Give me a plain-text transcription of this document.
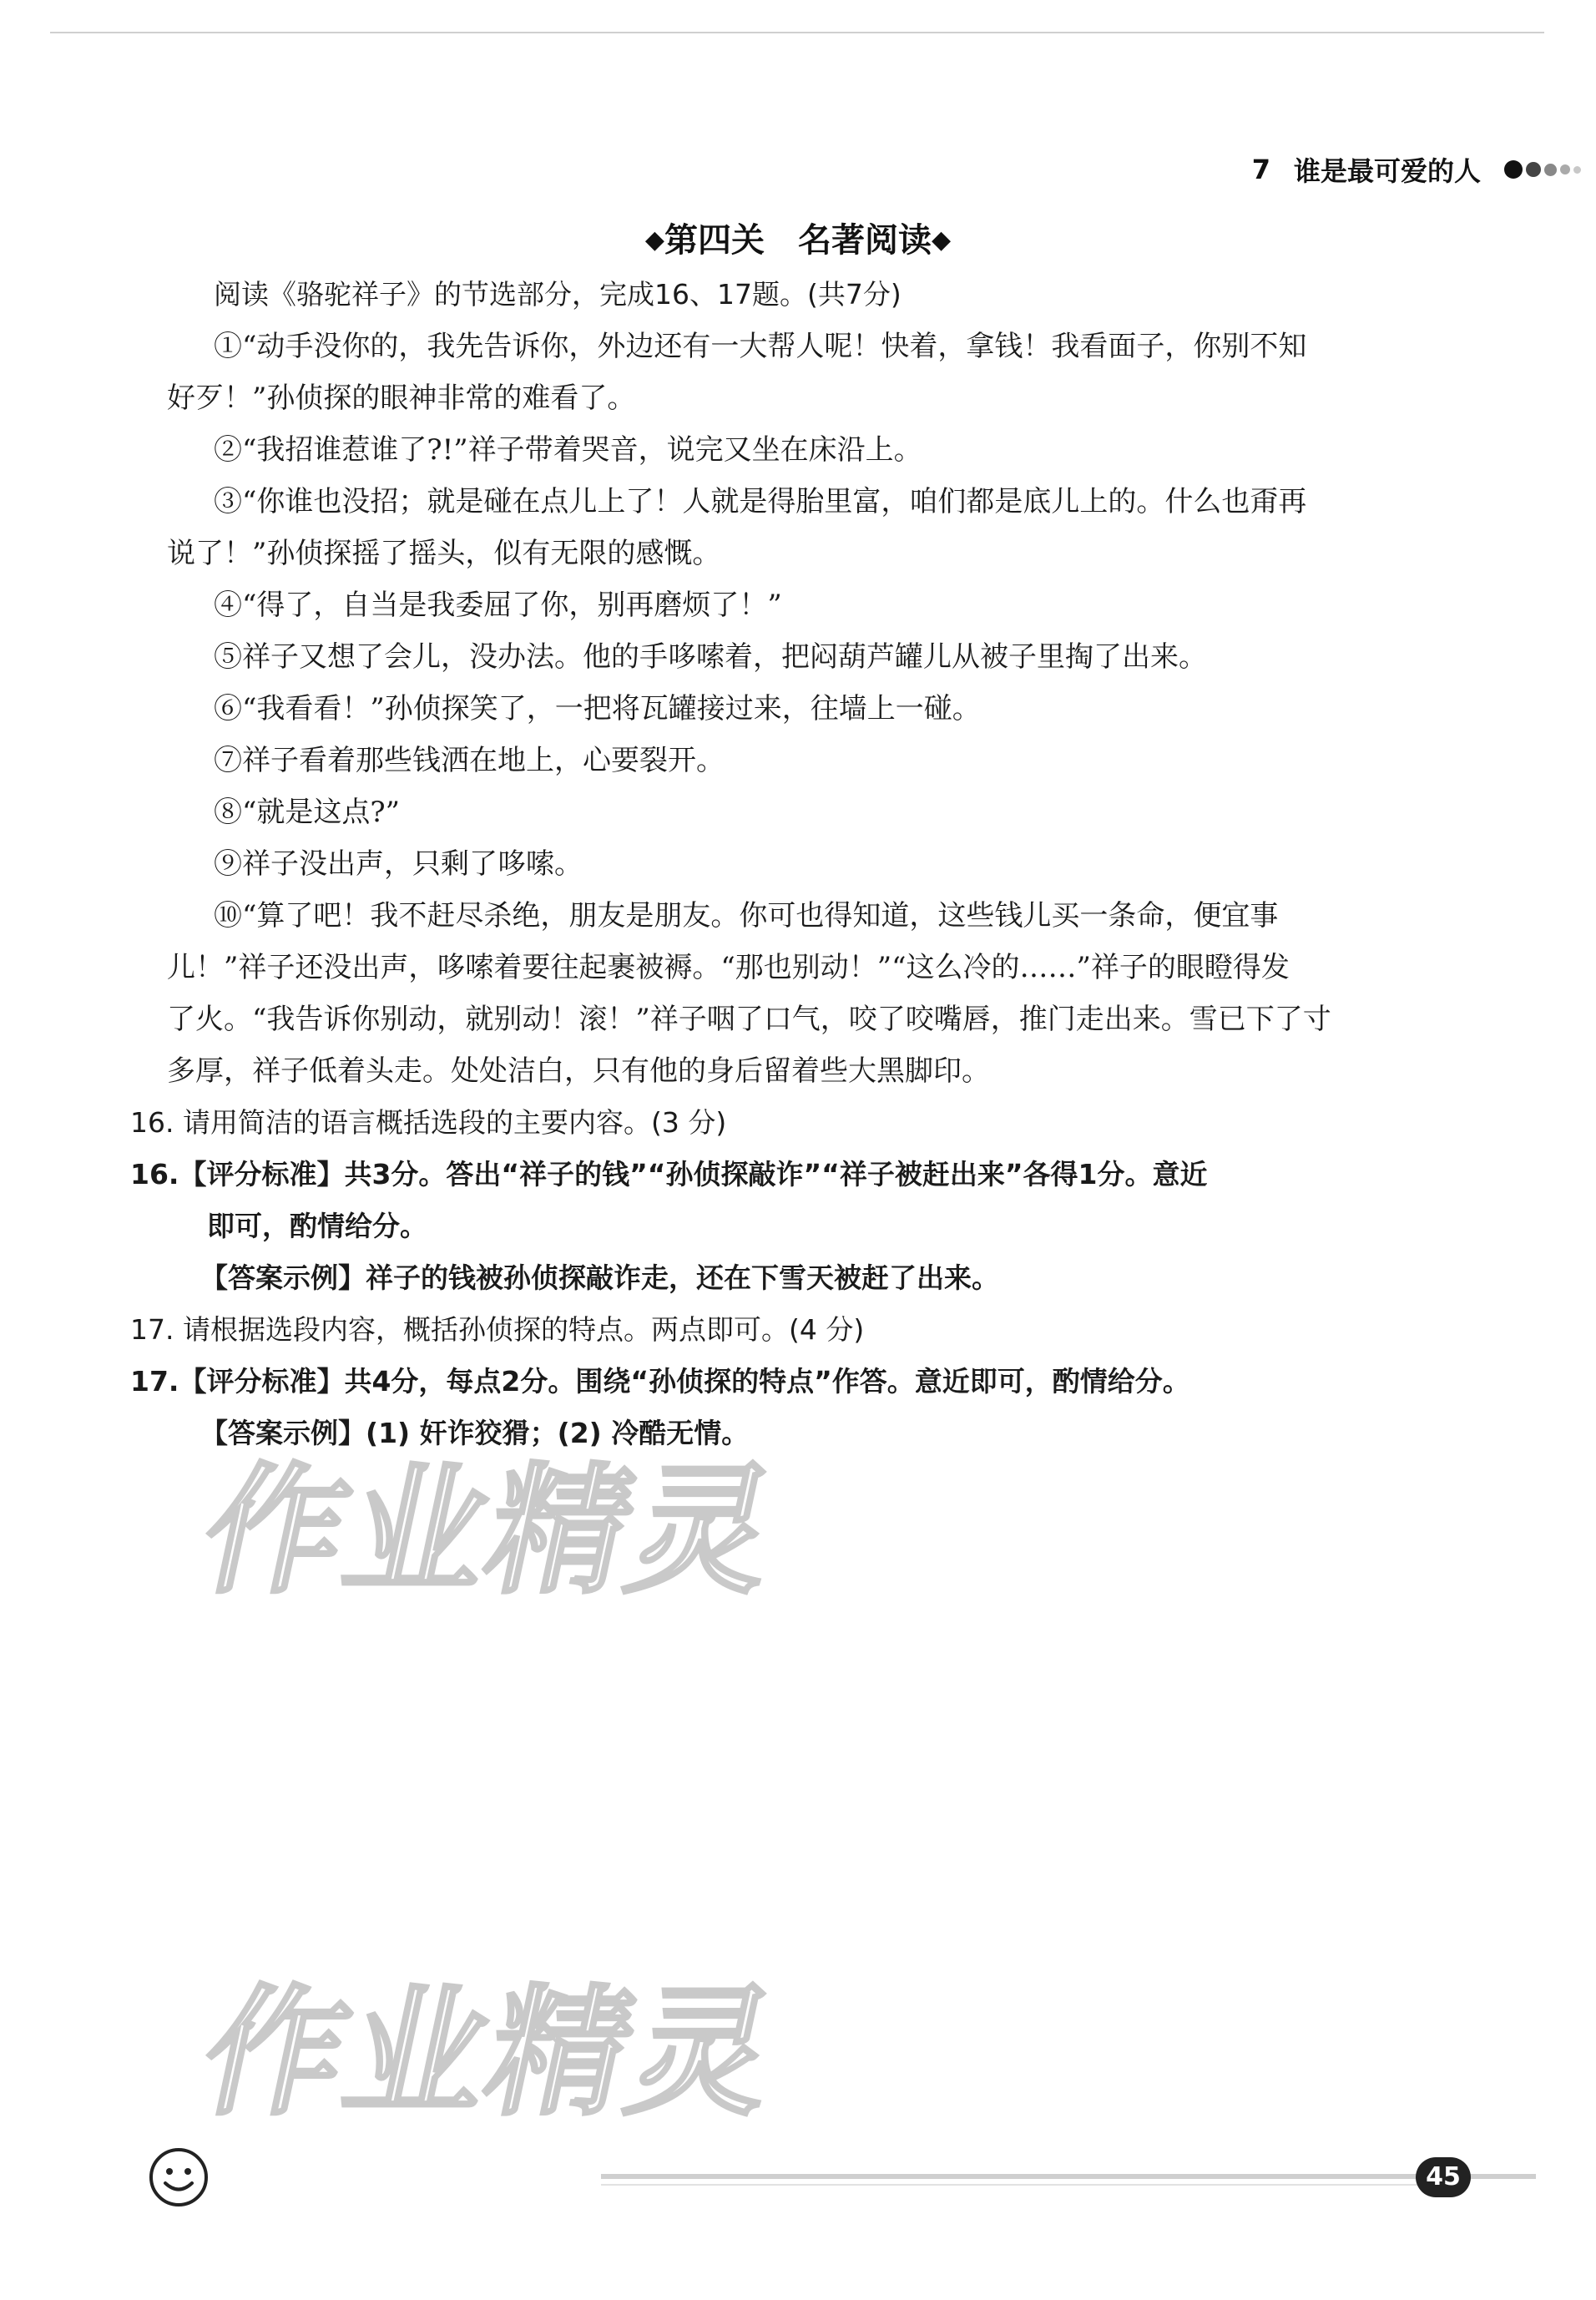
7 谁是最可爱的人
◆第四关 名著阅读◆
阅读《骆驼祥子》的节选部分，完成16、17题。(共7分)
①“动手没你的，我先告诉你，外边还有一大帮人呢！快着，拿钱！我看面子，你别不知
好歹！”孙侦探的眼神非常的难看了。
②“我招谁惹谁了?!”祥子带着哭音，说完又坐在床沿上。
③“你谁也没招；就是碰在点儿上了！人就是得胎里富，咱们都是底儿上的。什么也甭再
说了！”孙侦探摇了摇头，似有无限的感慨。
④“得了，自当是我委屈了你，别再磨烦了！”
⑤祥子又想了会儿，没办法。他的手哆嗦着，把闷葫芦罐儿从被子里掏了出来。
⑥“我看看！”孙侦探笑了，一把将瓦罐接过来，往墙上一碰。
⑦祥子看着那些钱洒在地上，心要裂开。
⑧“就是这点?”
⑨祥子没出声，只剩了哆嗦。
⑩“算了吧！我不赶尽杀绝，朋友是朋友。你可也得知道，这些钱儿买一条命，便宜事
儿！”祥子还没出声，哆嗦着要往起裹被褥。“那也别动！”“这么冷的……”祥子的眼瞪得发
了火。“我告诉你别动，就别动！滚！”祥子咽了口气，咬了咬嘴唇，推门走出来。雪已下了寸
多厚，祥子低着头走。处处洁白，只有他的身后留着些大黑脚印。
16. 请用简洁的语言概括选段的主要内容。(3 分)
16.【评分标准】共3分。答出“祥子的钱”“孙侦探敲诈”“祥子被赶出来”各得1分。意近
即可，酌情给分。
【答案示例】祥子的钱被孙侦探敲诈走，还在下雪天被赶了出来。
17. 请根据选段内容，概括孙侦探的特点。两点即可。(4 分)
17.【评分标准】共4分，每点2分。围绕“孙侦探的特点”作答。意近即可，酌情给分。
【答案示例】(1) 奸诈狡猾；(2) 冷酷无情。
作业精灵
作业精灵
45
